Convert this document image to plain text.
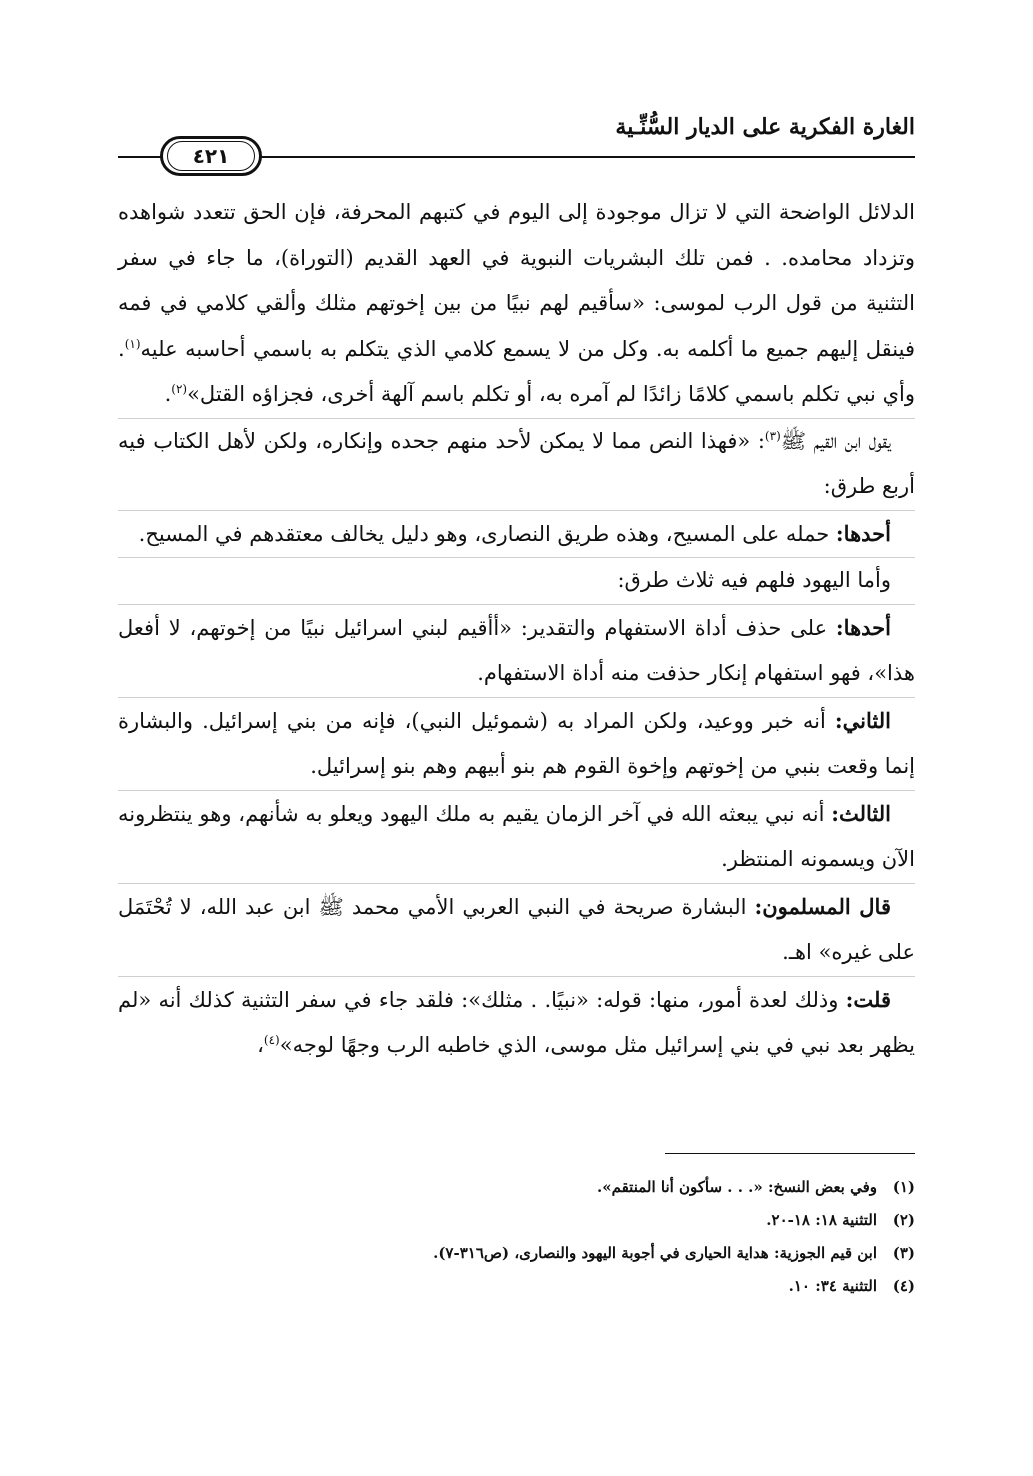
الغارة الفكرية على الديار السُّنِّـية
٤٢١

الدلائل الواضحة التي لا تزال موجودة إلى اليوم في كتبهم المحرفة، فإن الحق تتعدد شواهده وتزداد محامده. . فمن تلك البشريات النبوية في العهد القديم (التوراة)، ما جاء في سفر التثنية من قول الرب لموسى: «سأقيم لهم نبيًا من بين إخوتهم مثلك وألقي كلامي في فمه فينقل إليهم جميع ما أكلمه به. وكل من لا يسمع كلامي الذي يتكلم به باسمي أحاسبه عليه$^{(١)}$. وأي نبي تكلم باسمي كلامًا زائدًا لم آمره به، أو تكلم باسم آلهة أخرى، فجزاؤه القتل»$^{(٢)}$.

يقول ابن القيم ﷺ$^{(٣)}$: «فهذا النص مما لا يمكن لأحد منهم جحده وإنكاره، ولكن لأهل الكتاب فيه أربع طرق:

أحدها: حمله على المسيح، وهذه طريق النصارى، وهو دليل يخالف معتقدهم في المسيح.

وأما اليهود فلهم فيه ثلاث طرق:

أحدها: على حذف أداة الاستفهام والتقدير: «أأقيم لبني اسرائيل نبيًا من إخوتهم، لا أفعل هذا»، فهو استفهام إنكار حذفت منه أداة الاستفهام.

الثاني: أنه خبر ووعيد، ولكن المراد به (شموئيل النبي)، فإنه من بني إسرائيل. والبشارة إنما وقعت بنبي من إخوتهم وإخوة القوم هم بنو أبيهم وهم بنو إسرائيل.

الثالث: أنه نبي يبعثه الله في آخر الزمان يقيم به ملك اليهود ويعلو به شأنهم، وهو ينتظرونه الآن ويسمونه المنتظر.

قال المسلمون: البشارة صريحة في النبي العربي الأمي محمد ﷺ ابن عبد الله، لا تُحْتَمَل على غيره» اهـ.

قلت: وذلك لعدة أمور، منها: قوله: «نبيًا. . مثلك»: فلقد جاء في سفر التثنية كذلك أنه «لم يظهر بعد نبي في بني إسرائيل مثل موسى، الذي خاطبه الرب وجهًا لوجه»$^{(٤)}$،

(١)
وفي بعض النسخ: «. . . سأكون أنا المنتقم».
(٢)
التثنية ١٨: ١٨-٢٠.
(٣)
ابن قيم الجوزية: هداية الحيارى في أجوبة اليهود والنصارى، (ص٣١٦-٧).
(٤)
التثنية ٣٤: ١٠.
